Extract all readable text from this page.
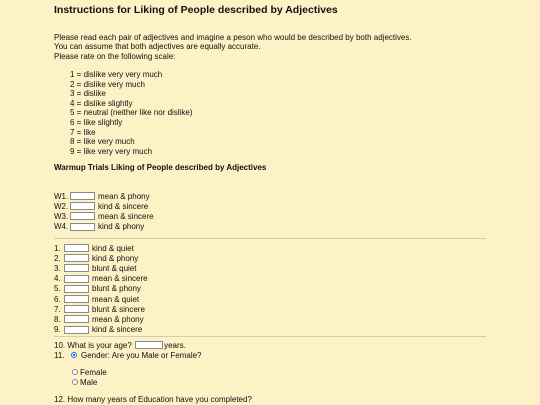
Instructions for Liking of People described by Adjectives
Please read each pair of adjectives and imagine a peson who would be described by both adjectives.
You can assume that both adjectives are equally accurate.
Please rate on the following scale:
1 = dislike very very much
2 = dislike very much
3 = dislike
4 = dislike slightly
5 = neutral (neither like nor dislike)
6 = like slightly
7 = like
8 = like very much
9 = like very very much
Warmup Trials Liking of People described by Adjectives
W1.	mean & phony
W2.	kind & sincere
W3.	mean & sincere
W4.	kind & phony
1.	kind & quiet
2.	kind & phony
3.	blunt & quiet
4.	mean & sincere
5.	blunt & phony
6.	mean & quiet
7.	blunt & sincere
8.	mean & phony
9.	kind & sincere
10. What is your age?	years.
11. Gender: Are you Male or Female?
Female
Male
12. How many years of Education have you completed?
